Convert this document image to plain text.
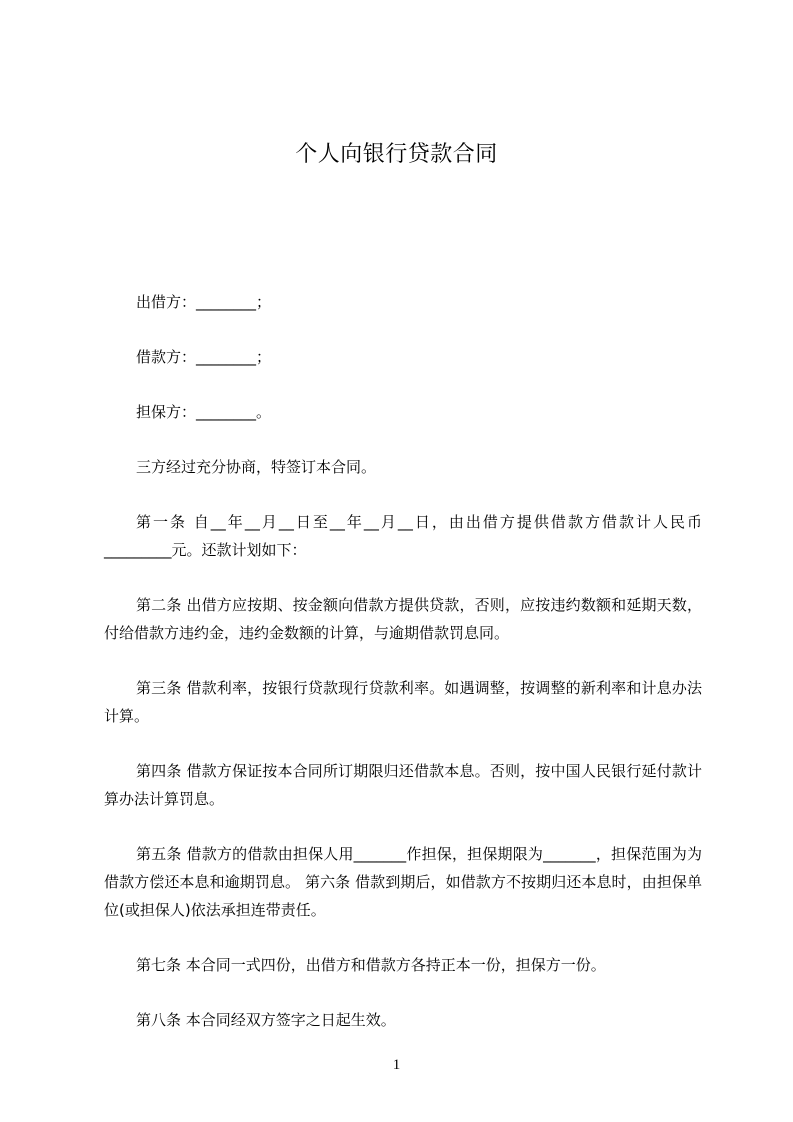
个人向银行贷款合同

出借方：________；

借款方：________；

担保方：________。

三方经过充分协商，特签订本合同。

第一条 自__年__月__日至__年__月__日，由出借方提供借款方借款计人民币_________元。还款计划如下：

第二条 出借方应按期、按金额向借款方提供贷款，否则，应按违约数额和延期天数，付给借款方违约金，违约金数额的计算，与逾期借款罚息同。

第三条 借款利率，按银行贷款现行贷款利率。如遇调整，按调整的新利率和计息办法计算。

第四条 借款方保证按本合同所订期限归还借款本息。否则，按中国人民银行延付款计算办法计算罚息。

第五条 借款方的借款由担保人用_______作担保，担保期限为_______，担保范围为为借款方偿还本息和逾期罚息。 第六条 借款到期后，如借款方不按期归还本息时，由担保单位(或担保人)依法承担连带责任。

第七条 本合同一式四份，出借方和借款方各持正本一份，担保方一份。

第八条 本合同经双方签字之日起生效。

1
